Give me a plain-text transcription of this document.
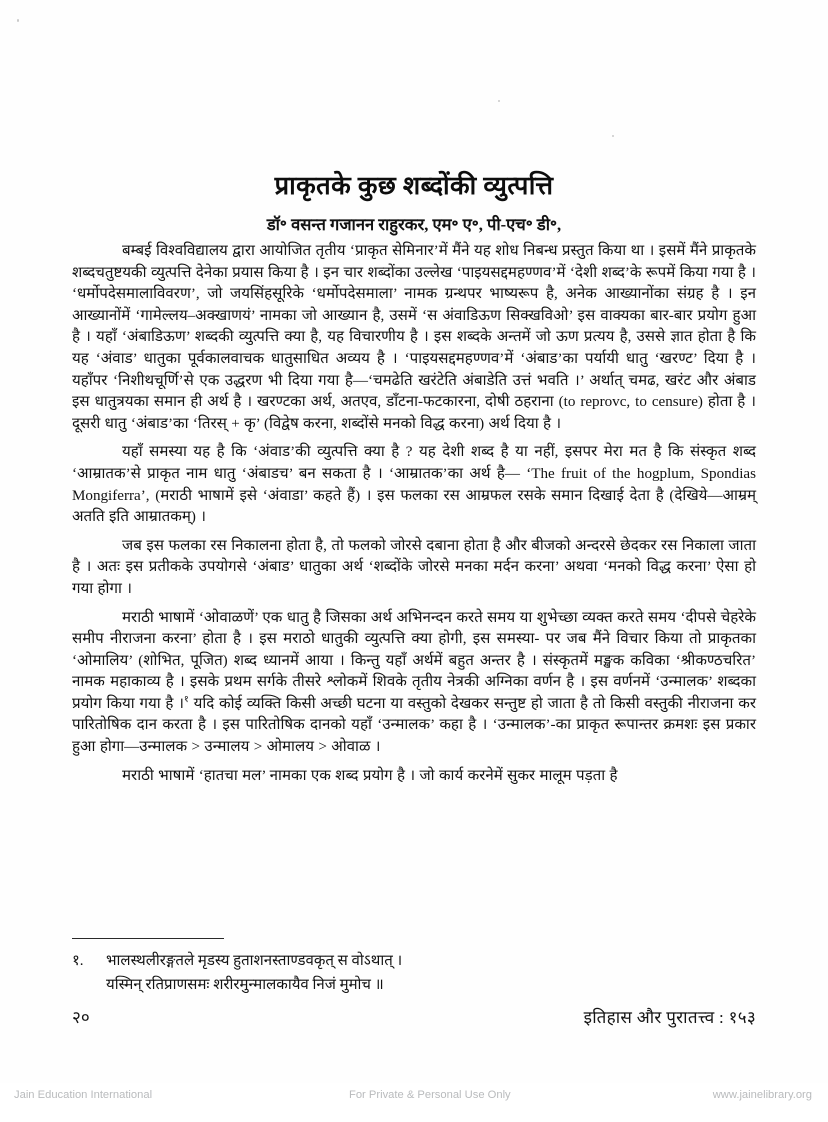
प्राकृतके कुछ शब्दोंकी व्युत्पत्ति
डॉ॰ वसन्त गजानन राहुरकर, एम॰ ए॰, पी-एच॰ डी॰,

बम्बई विश्वविद्यालय द्वारा आयोजित तृतीय ‘प्राकृत सेमिनार’में मैंने यह शोध निबन्ध प्रस्तुत किया था । इसमें मैंने प्राकृतके शब्दचतुष्टयकी व्युत्पत्ति देनेका प्रयास किया है । इन चार शब्दोंका उल्लेख ‘पाइयसद्दमहण्णव’में ‘देशी शब्द’के रूपमें किया गया है । ‘धर्मोपदेसमालाविवरण’, जो जयसिंहसूरिके ‘धर्मोपदेसमाला’ नामक ग्रन्थपर भाष्यरूप है, अनेक आख्यानोंका संग्रह है । इन आख्यानोंमें ‘गामेल्लय–अक्खाणयं’ नामका जो आख्यान है, उसमें ‘स अंवाडिऊण सिक्खविओ’ इस वाक्यका बार-बार प्रयोग हुआ है । यहाँ ‘अंबाडिऊण’ शब्दकी व्युत्पत्ति क्या है, यह विचारणीय है । इस शब्दके अन्तमें जो ऊण प्रत्यय है, उससे ज्ञात होता है कि यह ‘अंवाड’ धातुका पूर्वकालवाचक धातुसाधित अव्यय है । ‘पाइयसद्दमहण्णव’में ‘अंबाड’का पर्यायी धातु ‘खरण्ट’ दिया है । यहाँपर ‘निशीथचूर्णि’से एक उद्धरण भी दिया गया है—‘चमढेति खरंटेति अंबाडेति उत्तं भवति ।’ अर्थात् चमढ, खरंट और अंबाड इस धातुत्रयका समान ही अर्थ है । खरण्टका अर्थ, अतएव, डाँटना-फटकारना, दोषी ठहराना (to reprovc, to censure) होता है । दूसरी धातु ‘अंबाड’का ‘तिरस् + कृ’ (विद्वेष करना, शब्दोंसे मनको विद्ध करना) अर्थ दिया है ।

यहाँ समस्या यह है कि ‘अंवाड’की व्युत्पत्ति क्या है ? यह देशी शब्द है या नहीं, इसपर मेरा मत है कि संस्कृत शब्द ‘आम्रातक’से प्राकृत नाम धातु ‘अंबाडच’ बन सकता है । ‘आम्रातक’का अर्थ है— ‘The fruit of the hogplum, Spondias Mongiferra’, (मराठी भाषामें इसे ‘अंवाडा’ कहते हैं) । इस फलका रस आम्रफल रसके समान दिखाई देता है (देखिये—आम्रम् अतति इति आम्रातकम्) ।

जब इस फलका रस निकालना होता है, तो फलको जोरसे दबाना होता है और बीजको अन्दरसे छेदकर रस निकाला जाता है । अतः इस प्रतीकके उपयोगसे ‘अंबाड’ धातुका अर्थ ‘शब्दोंके जोरसे मनका मर्दन करना’ अथवा ‘मनको विद्ध करना’ ऐसा हो गया होगा ।

मराठी भाषामें ‘ओवाळणें’ एक धातु है जिसका अर्थ अभिनन्दन करते समय या शुभेच्छा व्यक्त करते समय ‘दीपसे चेहरेके समीप नीराजना करना’ होता है । इस मराठो धातुकी व्युत्पत्ति क्या होगी, इस समस्या- पर जब मैंने विचार किया तो प्राकृतका ‘ओमालिय’ (शोभित, पूजित) शब्द ध्यानमें आया । किन्तु यहाँ अर्थमें बहुत अन्तर है । संस्कृतमें मङ्खक कविका ‘श्रीकण्ठचरित’ नामक महाकाव्य है । इसके प्रथम सर्गके तीसरे श्लोकमें शिवके तृतीय नेत्रकी अग्निका वर्णन है । इस वर्णनमें ‘उन्मालक’ शब्दका प्रयोग किया गया है ।$^१$ यदि कोई व्यक्ति किसी अच्छी घटना या वस्तुको देखकर सन्तुष्ट हो जाता है तो किसी वस्तुकी नीराजना कर पारितोषिक दान करता है । इस पारितोषिक दानको यहाँ ‘उन्मालक’ कहा है । ‘उन्मालक’-का प्राकृत रूपान्तर क्रमशः इस प्रकार हुआ होगा—उन्मालक > उन्मालय > ओमालय > ओवाळ ।

मराठी भाषामें ‘हातचा मल’ नामका एक शब्द प्रयोग है । जो कार्य करनेमें सुकर मालूम पड़ता है

१. भालस्थलीरङ्गतले मृडस्य हुताशनस्ताण्डवकृत् स वोऽथात् ।
यस्मिन् रतिप्राणसमः शरीरमुन्मालकायैव निजं मुमोच ॥
२०	इतिहास और पुरातत्त्व : १५३
Jain Education International	For Private & Personal Use Only	www.jainelibrary.org
